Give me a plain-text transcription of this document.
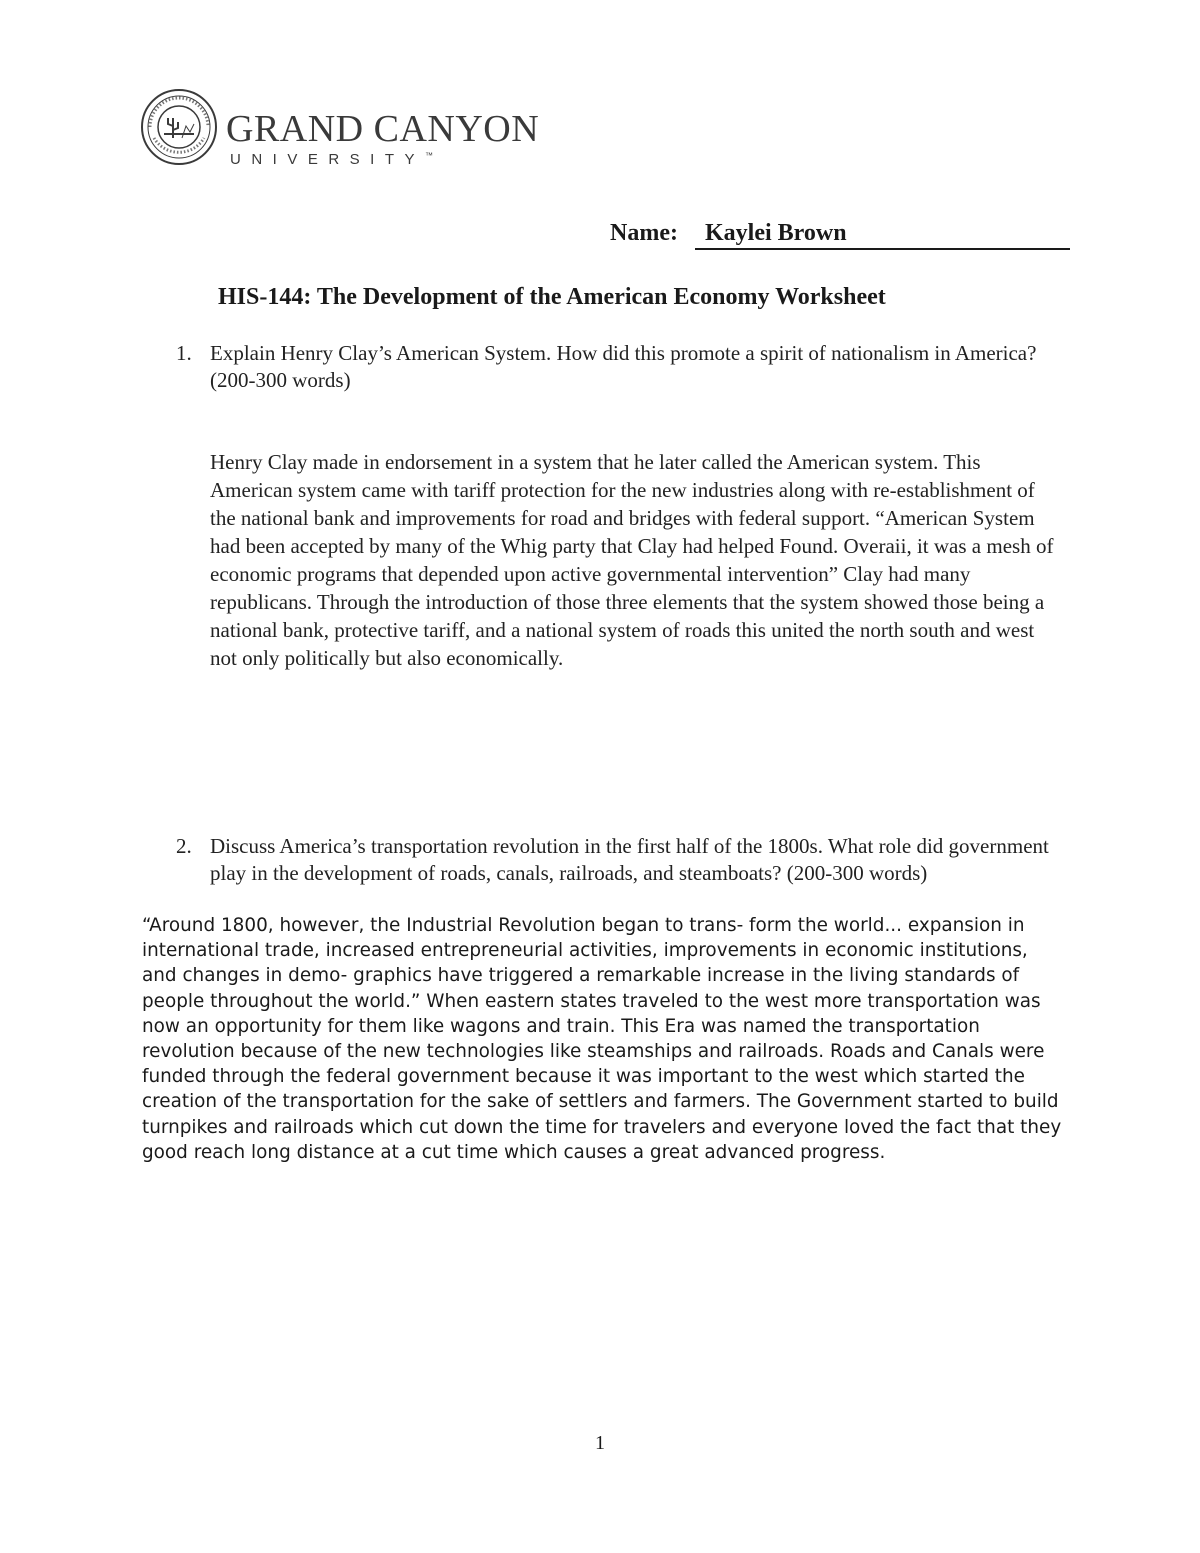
GRAND CANYON
UNIVERSITY™
Name:	Kaylei Brown
HIS-144: The Development of the American Economy Worksheet
1. Explain Henry Clay’s American System. How did this promote a spirit of nationalism in America? (200-300 words)
Henry Clay made in endorsement in a system that he later called the American system. This American system came with tariff protection for the new industries along with re-establishment of the national bank and improvements for road and bridges with federal support. “American System had been accepted by many of the Whig party that Clay had helped Found. Overaii, it was a mesh of economic programs that depended upon active governmental intervention” Clay had many republicans. Through the introduction of those three elements that the system showed those being a national bank, protective tariff, and a national system of roads this united the north south and west not only politically but also economically.
2. Discuss America’s transportation revolution in the first half of the 1800s. What role did government play in the development of roads, canals, railroads, and steamboats? (200-300 words)
“Around 1800, however, the Industrial Revolution began to trans- form the world... expansion in international trade, increased entrepreneurial activities, improvements in economic institutions, and changes in demo- graphics have triggered a remarkable increase in the living standards of people throughout the world.” When eastern states traveled to the west more transportation was now an opportunity for them like wagons and train. This Era was named the transportation revolution because of the new technologies like steamships and railroads. Roads and Canals were funded through the federal government because it was important to the west which started the creation of the transportation for the sake of settlers and farmers. The Government started to build turnpikes and railroads which cut down the time for travelers and everyone loved the fact that they good reach long distance at a cut time which causes a great advanced progress.
1
